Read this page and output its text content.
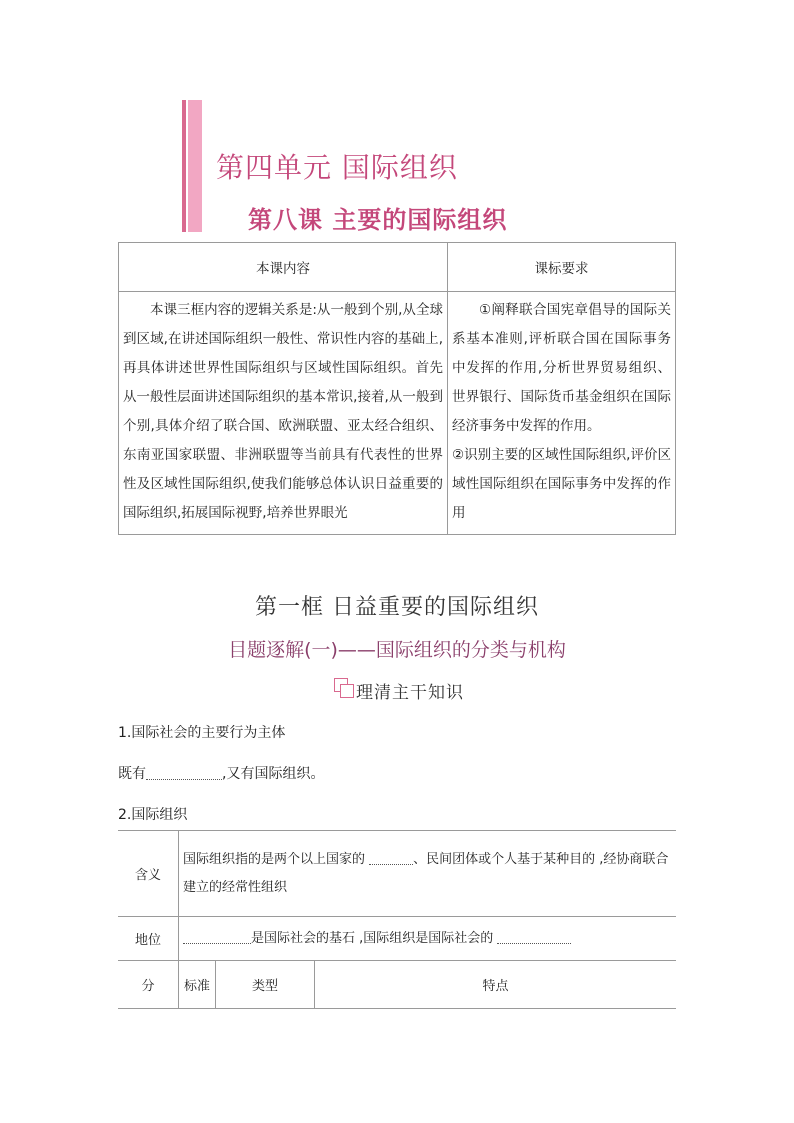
第四单元 国际组织
第八课 主要的国际组织
本课内容	课标要求
本课三框内容的逻辑关系是:从一般到个别,从全球到区域,在讲述国际组织一般性、常识性内容的基础上,再具体讲述世界性国际组织与区域性国际组织。首先从一般性层面讲述国际组织的基本常识,接着,从一般到个别,具体介绍了联合国、欧洲联盟、亚太经合组织、东南亚国家联盟、非洲联盟等当前具有代表性的世界性及区域性国际组织,使我们能够总体认识日益重要的国际组织,拓展国际视野,培养世界眼光	①阐释联合国宪章倡导的国际关系基本准则,评析联合国在国际事务中发挥的作用,分析世界贸易组织、世界银行、国际货币基金组织在国际经济事务中发挥的作用。
②识别主要的区域性国际组织,评价区域性国际组织在国际事务中发挥的作用
第一框 日益重要的国际组织
目题逐解(一)——国际组织的分类与机构
理清主干知识
1.国际社会的主要行为主体
既有	,又有国际组织。
2.国际组织
含义	国际组织指的是两个以上国家的 、民间团体或个人基于某种目的 ,经协商联合建立的经常性组织		
地位	是国际社会的基石 ,国际组织是国际社会的		
分	标准	类型	特点
